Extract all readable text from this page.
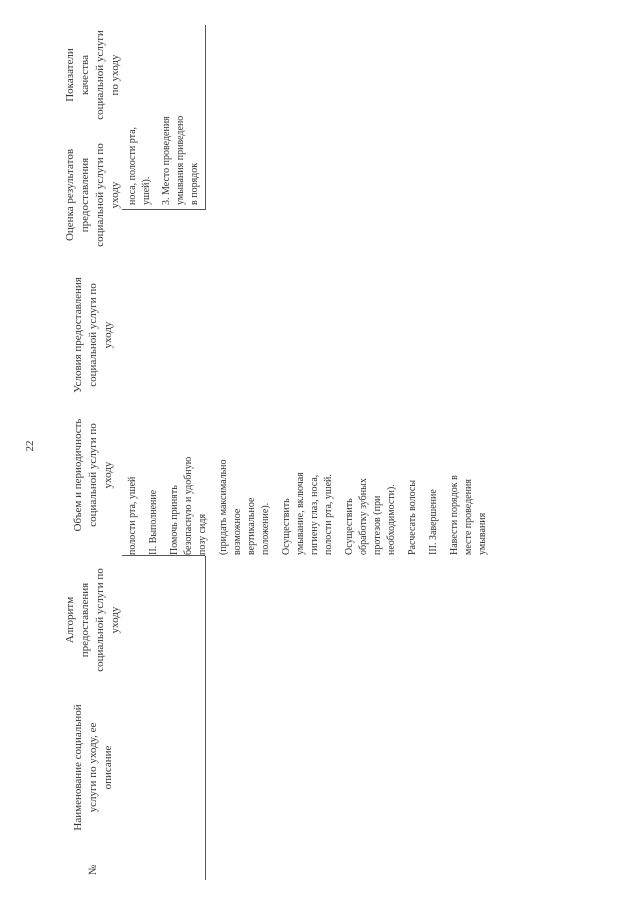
22
№
Наименование социальной услуги по уходу, ее описание
Алгоритм предоставления социальной услуги по уходу
Объем и периодичность социальной услуги по уходу
Условия предоставления социальной услуги по уходу
Оценка результатов предоставления социальной услуги по уходу
Показатели качества социальной услуги по уходу
полости рта, ушей II. Выполнение Помочь принять безопасную и удобную позу сидя (придать максимально возможное вертикальное положение). Осуществить умывание, включая гигиену глаз, носа, полости рта, ушей. Осуществить обработку зубных протезов (при необходимости). Расчесать волосы III. Завершение Навести порядок в месте проведения умывания
носа, полости рта, ушей). 3. Место проведения умывания приведено в порядок
